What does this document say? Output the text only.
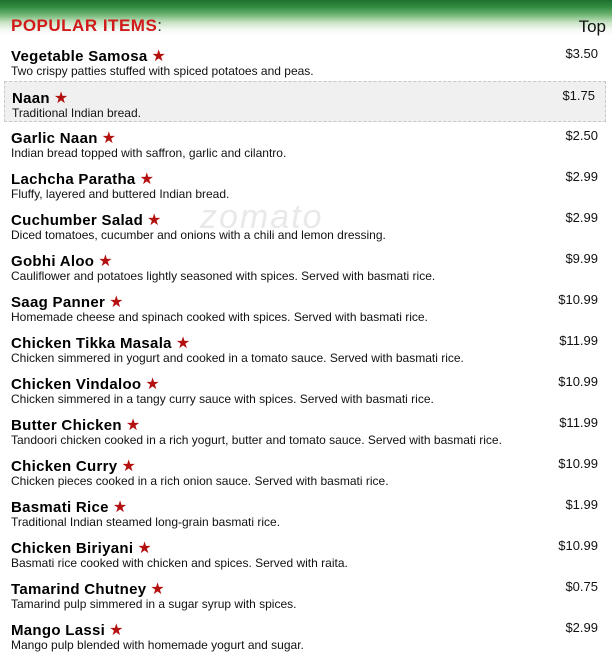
POPULAR ITEMS:	Top
zomato
Vegetable Samosa ★
Two crispy patties stuffed with spiced potatoes and peas.
$3.50
Naan ★
Traditional Indian bread.
$1.75
Garlic Naan ★
Indian bread topped with saffron, garlic and cilantro.
$2.50
Lachcha Paratha ★
Fluffy, layered and buttered Indian bread.
$2.99
Cuchumber Salad ★
Diced tomatoes, cucumber and onions with a chili and lemon dressing.
$2.99
Gobhi Aloo ★
Cauliflower and potatoes lightly seasoned with spices. Served with basmati rice.
$9.99
Saag Panner ★
Homemade cheese and spinach cooked with spices. Served with basmati rice.
$10.99
Chicken Tikka Masala ★
Chicken simmered in yogurt and cooked in a tomato sauce. Served with basmati rice.
$11.99
Chicken Vindaloo ★
Chicken simmered in a tangy curry sauce with spices. Served with basmati rice.
$10.99
Butter Chicken ★
Tandoori chicken cooked in a rich yogurt, butter and tomato sauce. Served with basmati rice.
$11.99
Chicken Curry ★
Chicken pieces cooked in a rich onion sauce. Served with basmati rice.
$10.99
Basmati Rice ★
Traditional Indian steamed long-grain basmati rice.
$1.99
Chicken Biriyani ★
Basmati rice cooked with chicken and spices. Served with raita.
$10.99
Tamarind Chutney ★
Tamarind pulp simmered in a sugar syrup with spices.
$0.75
Mango Lassi ★
Mango pulp blended with homemade yogurt and sugar.
$2.99
